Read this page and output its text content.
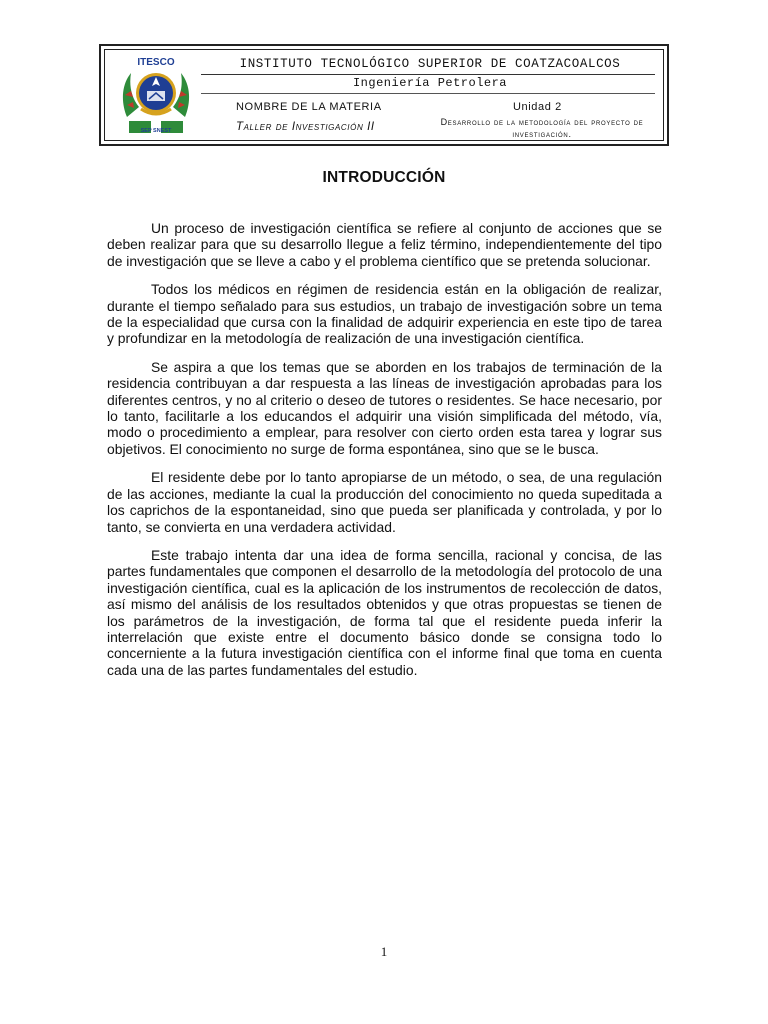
ITESCO
SEP SNEST
INSTITUTO TECNOLÓGICO SUPERIOR DE COATZACOALCOS
Ingeniería Petrolera
NOMBRE DE LA MATERIA	Unidad 2
Taller de Investigación II	Desarrollo de la metodología del proyecto de investigación.
INTRODUCCIÓN

Un proceso de investigación científica se refiere al conjunto de acciones que se deben realizar para que su desarrollo llegue a feliz término, independientemente del tipo de investigación que se lleve a cabo y el problema científico que se pretenda solucionar.

Todos los médicos en régimen de residencia están en la obligación de realizar, durante el tiempo señalado para sus estudios, un trabajo de investigación sobre un tema de la especialidad que cursa con la finalidad de adquirir experiencia en este tipo de tarea y profundizar en la metodología de realización de una investigación científica.

Se aspira a que los temas que se aborden en los trabajos de terminación de la residencia contribuyan a dar respuesta a las líneas de investigación aprobadas para los diferentes centros, y no al criterio o deseo de tutores o residentes. Se hace necesario, por lo tanto, facilitarle a los educandos el adquirir una visión simplificada del método, vía, modo o procedimiento a emplear, para resolver con cierto orden esta tarea y lograr sus objetivos. El conocimiento no surge de forma espontánea, sino que se le busca.

El residente debe por lo tanto apropiarse de un método, o sea, de una regulación de las acciones, mediante la cual la producción del conocimiento no queda supeditada a los caprichos de la espontaneidad, sino que pueda ser planificada y controlada, y por lo tanto, se convierta en una verdadera actividad.

Este trabajo intenta dar una idea de forma sencilla, racional y concisa, de las partes fundamentales que componen el desarrollo de la metodología del protocolo de una investigación científica, cual es la aplicación de los instrumentos de recolección de datos, así mismo del análisis de los resultados obtenidos y que otras propuestas se tienen de los parámetros de la investigación, de forma tal que el residente pueda inferir la interrelación que existe entre el documento básico donde se consigna todo lo concerniente a la futura investigación científica con el informe final que toma en cuenta cada una de las partes fundamentales del estudio.

1
